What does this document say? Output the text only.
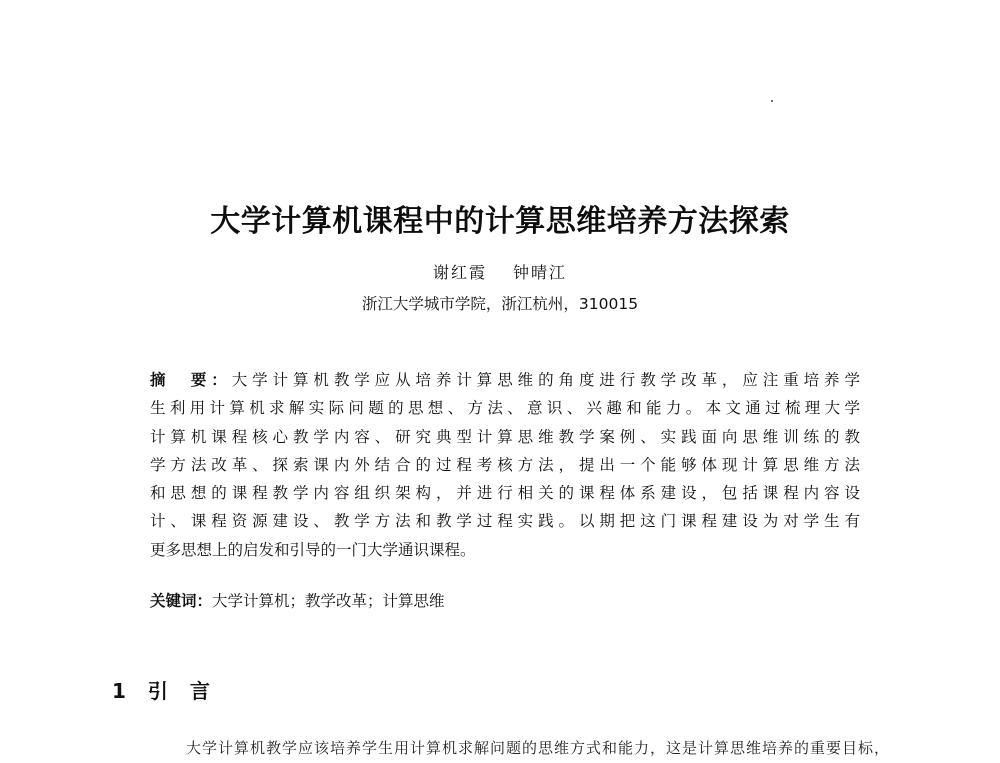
大学计算机课程中的计算思维培养方法探索
谢红霞 钟晴江
浙江大学城市学院，浙江杭州，310015
摘　要：大学计算机教学应从培养计算思维的角度进行教学改革，应注重培养学
生利用计算机求解实际问题的思想、方法、意识、兴趣和能力。本文通过梳理大学
计算机课程核心教学内容、研究典型计算思维教学案例、实践面向思维训练的教
学方法改革、探索课内外结合的过程考核方法，提出一个能够体现计算思维方法
和思想的课程教学内容组织架构，并进行相关的课程体系建设，包括课程内容设
计、课程资源建设、教学方法和教学过程实践。以期把这门课程建设为对学生有
更多思想上的启发和引导的一门大学通识课程。
关键词：大学计算机；教学改革；计算思维
1 引 言
大学计算机教学应该培养学生用计算机求解问题的思维方式和能力，这是计算思维培养的重要目标，
